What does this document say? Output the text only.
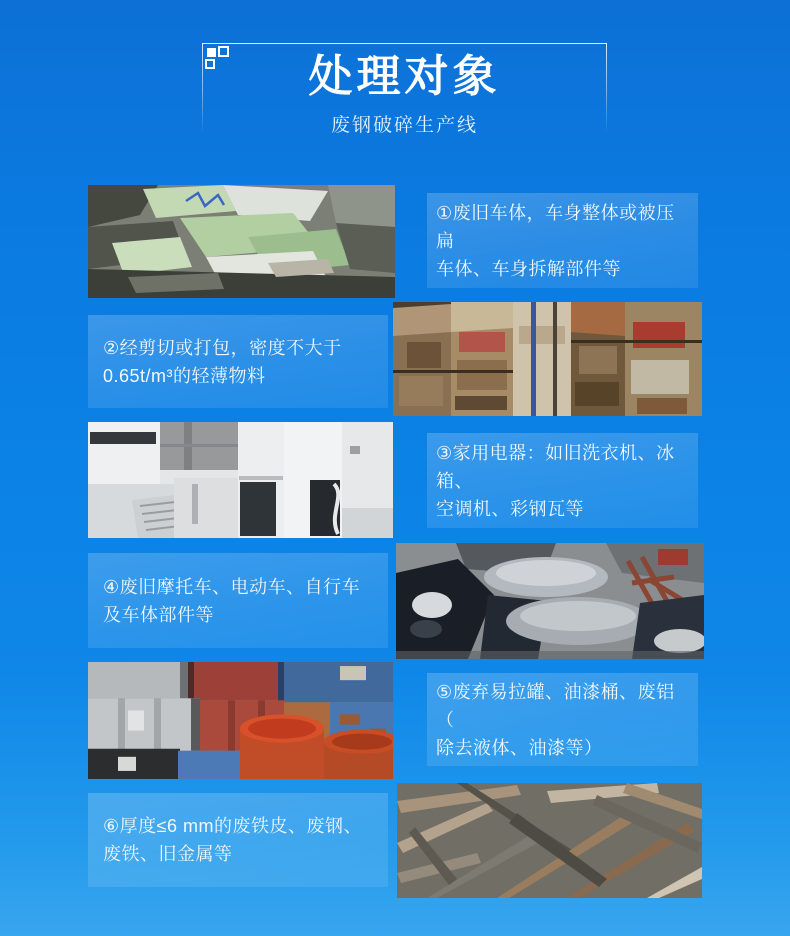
处理对象
废钢破碎生产线
①废旧车体，车身整体或被压扁
车体、车身拆解部件等
②经剪切或打包，密度不大于
0.65t/m³的轻薄物料
③家用电器：如旧洗衣机、冰箱、
空调机、彩钢瓦等
④废旧摩托车、电动车、自行车
及车体部件等
⑤废弃易拉罐、油漆桶、废铝（
除去液体、油漆等）
⑥厚度≤6 mm的废铁皮、废钢、
废铁、旧金属等
